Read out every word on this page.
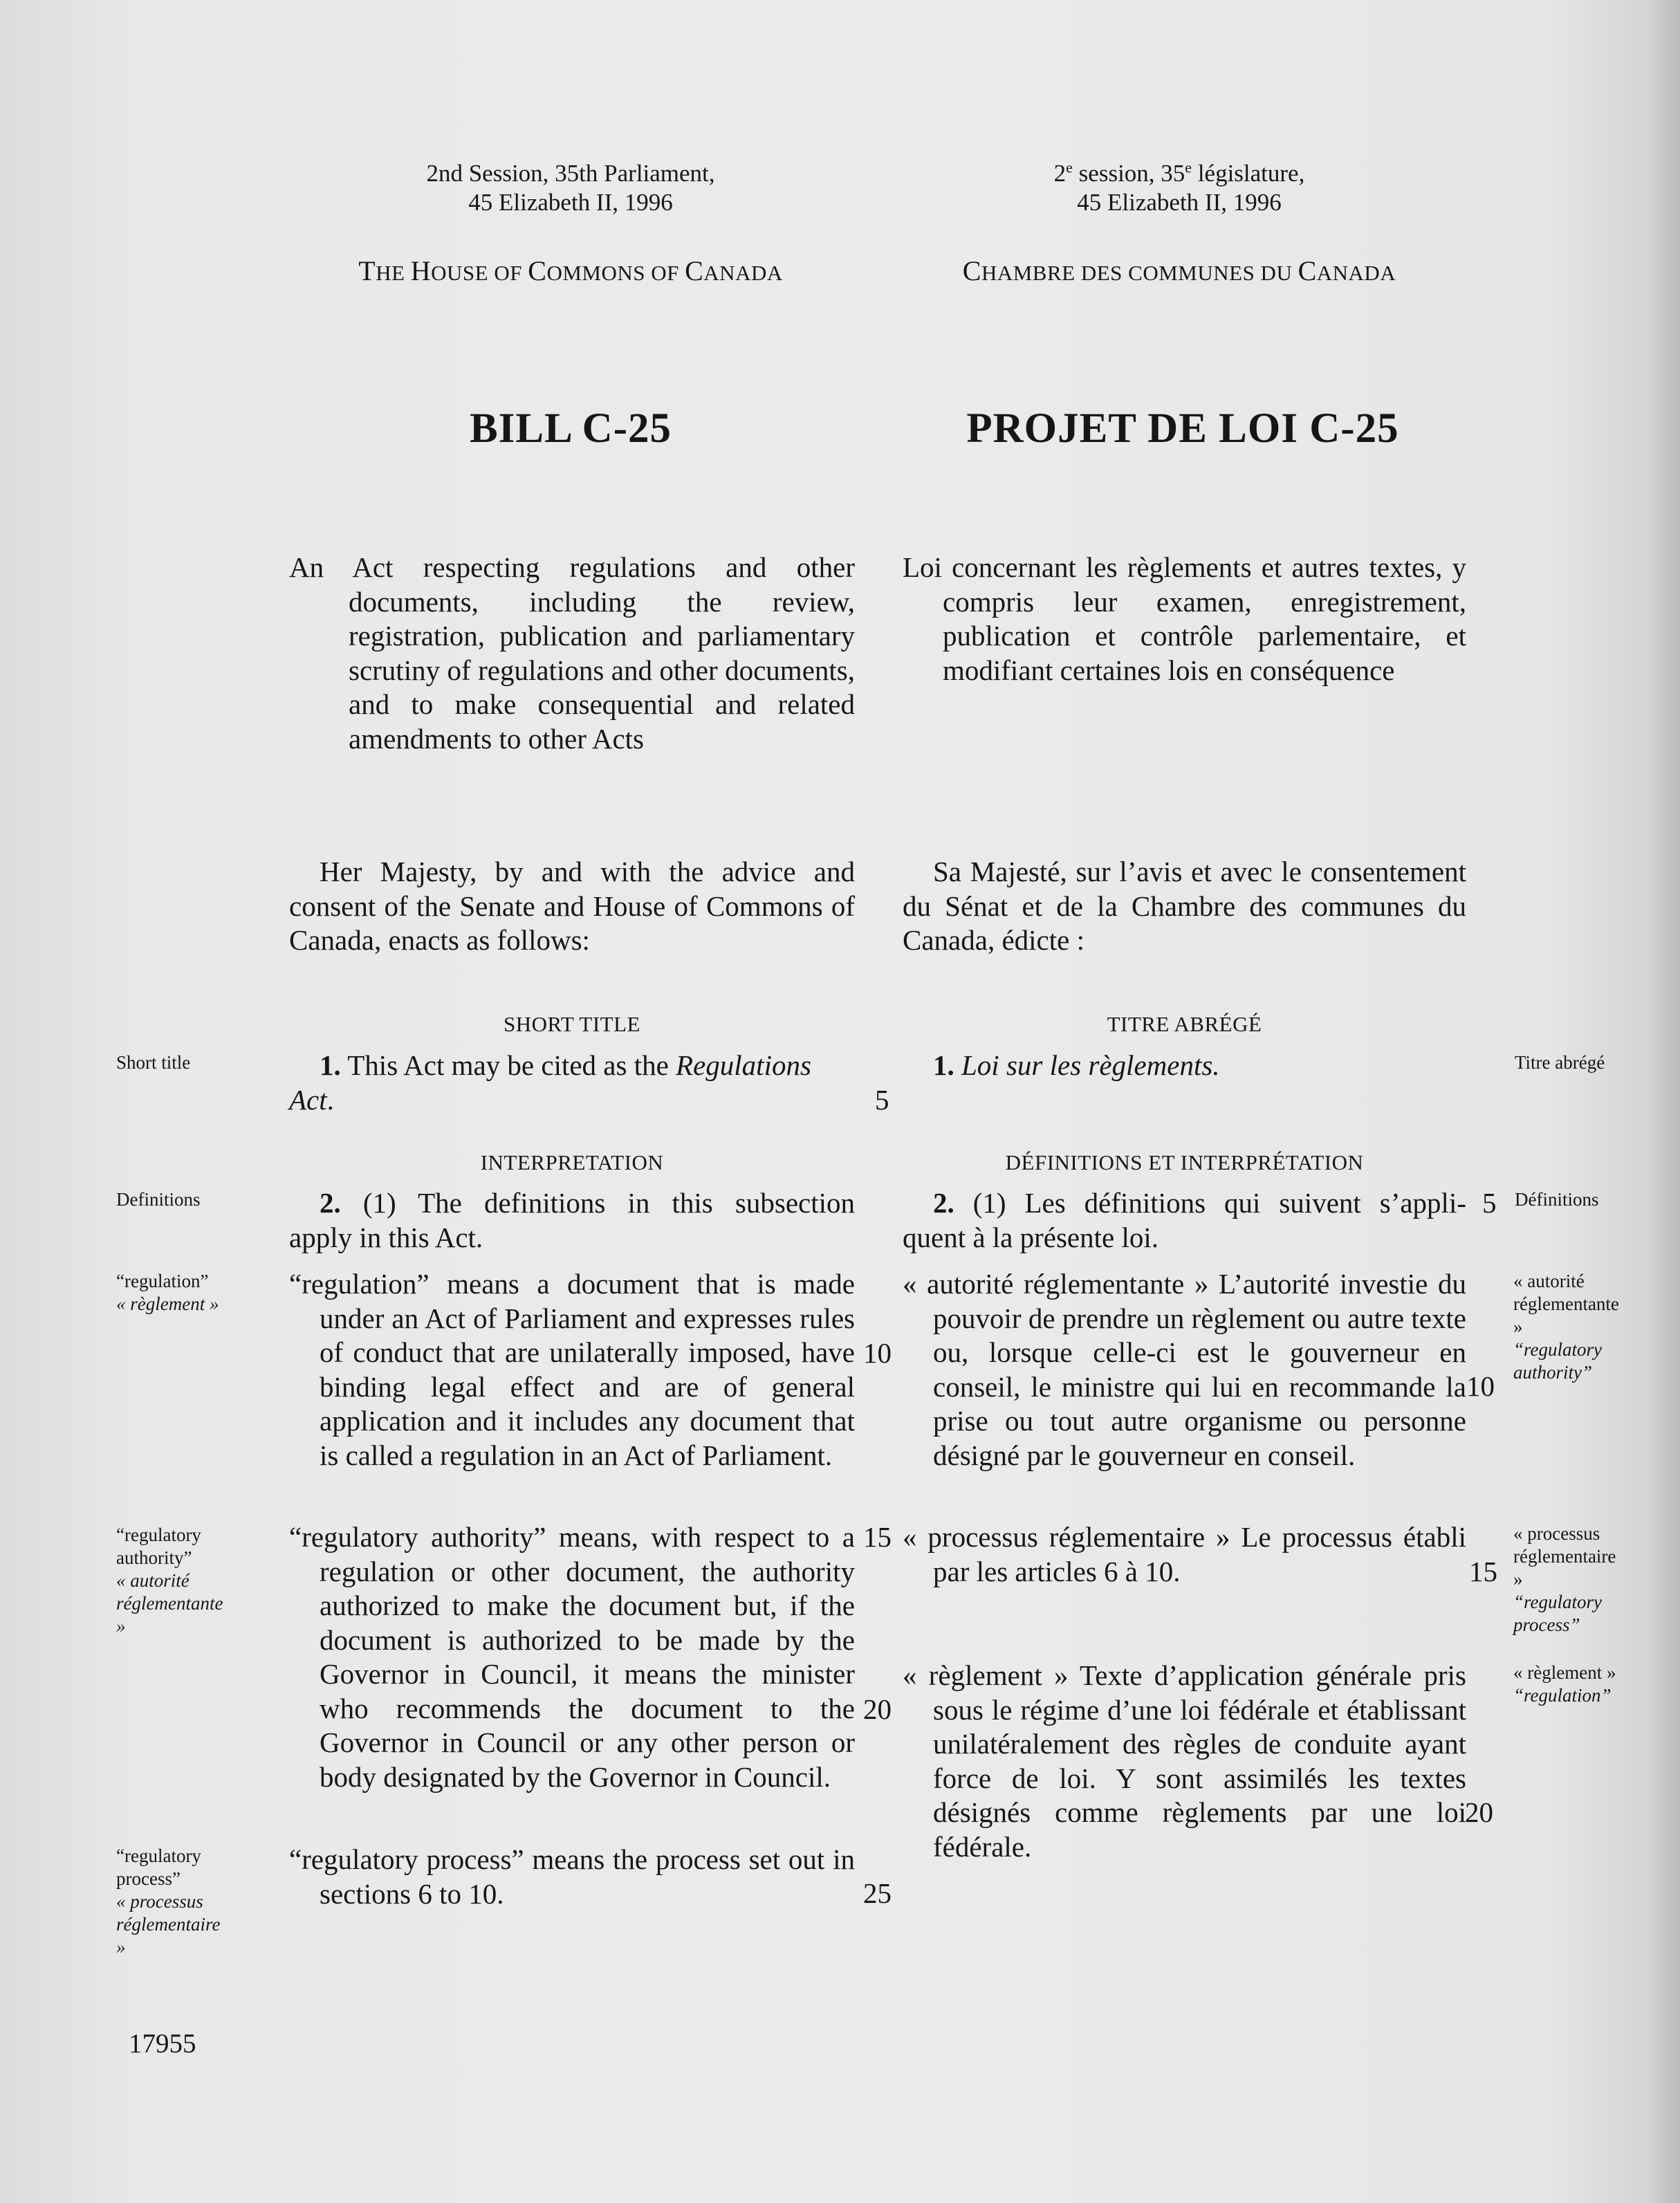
2nd Session, 35th Parliament,
45 Elizabeth II, 1996
THE HOUSE OF COMMONS OF CANADA
2e session, 35e législature,
45 Elizabeth II, 1996
CHAMBRE DES COMMUNES DU CANADA
BILL C-25	PROJET DE LOI C-25
An Act respecting regulations and other documents, including the review, registration, publication and parliamentary scrutiny of regulations and other documents, and to make consequential and related amendments to other Acts
Loi concernant les règlements et autres textes, y compris leur examen, enregistrement, publication et contrôle parlementaire, et modifiant certaines lois en conséquence
Her Majesty, by and with the advice and consent of the Senate and House of Commons of Canada, enacts as follows:
Sa Majesté, sur l’avis et avec le consentement du Sénat et de la Chambre des communes du Canada, édicte :
SHORT TITLE	TITRE ABRÉGÉ
Short title	Titre abrégé
1. This Act may be cited as the Regulations
Act.	5
1. Loi sur les règlements.
INTERPRETATION	DÉFINITIONS ET INTERPRÉTATION
Definitions	Définitions
2. (1) The definitions in this subsection
apply in this Act.
2. (1) Les définitions qui suivent s’appli-
quent à la présente loi.
5
“regulation”
« règlement »
“regulation” means a document that is made under an Act of Parliament and expresses rules of conduct that are unilaterally imposed, have binding legal effect and are of general application and it includes any document that is called a regulation in an Act of Parliament.
“regulatory authority”
« autorité réglementante »
“regulatory authority” means, with respect to a regulation or other document, the authority authorized to make the document but, if the document is authorized to be made by the Governor in Council, it means the minister who recommends the document to the Governor in Council or any other person or body designated by the Governor in Council.
“regulatory process”
« processus réglementaire »
“regulatory process” means the process set out in sections 6 to 10.
10
15
20
25
« autorité réglementante » L’autorité investie du pouvoir de prendre un règlement ou autre texte ou, lorsque celle-ci est le gouverneur en conseil, le ministre qui lui en recommande la prise ou tout autre organisme ou personne désigné par le gouverneur en conseil.
« autorité réglementante »
“regulatory authority”
« processus réglementaire » Le processus établi par les articles 6 à 10.
« processus réglementaire »
“regulatory process”
« règlement » Texte d’application générale pris sous le régime d’une loi fédérale et établissant unilatéralement des règles de conduite ayant force de loi. Y sont assimilés les textes désignés comme règlements par une loi fédérale.
« règlement »
“regulation”
10
15
20
17955
